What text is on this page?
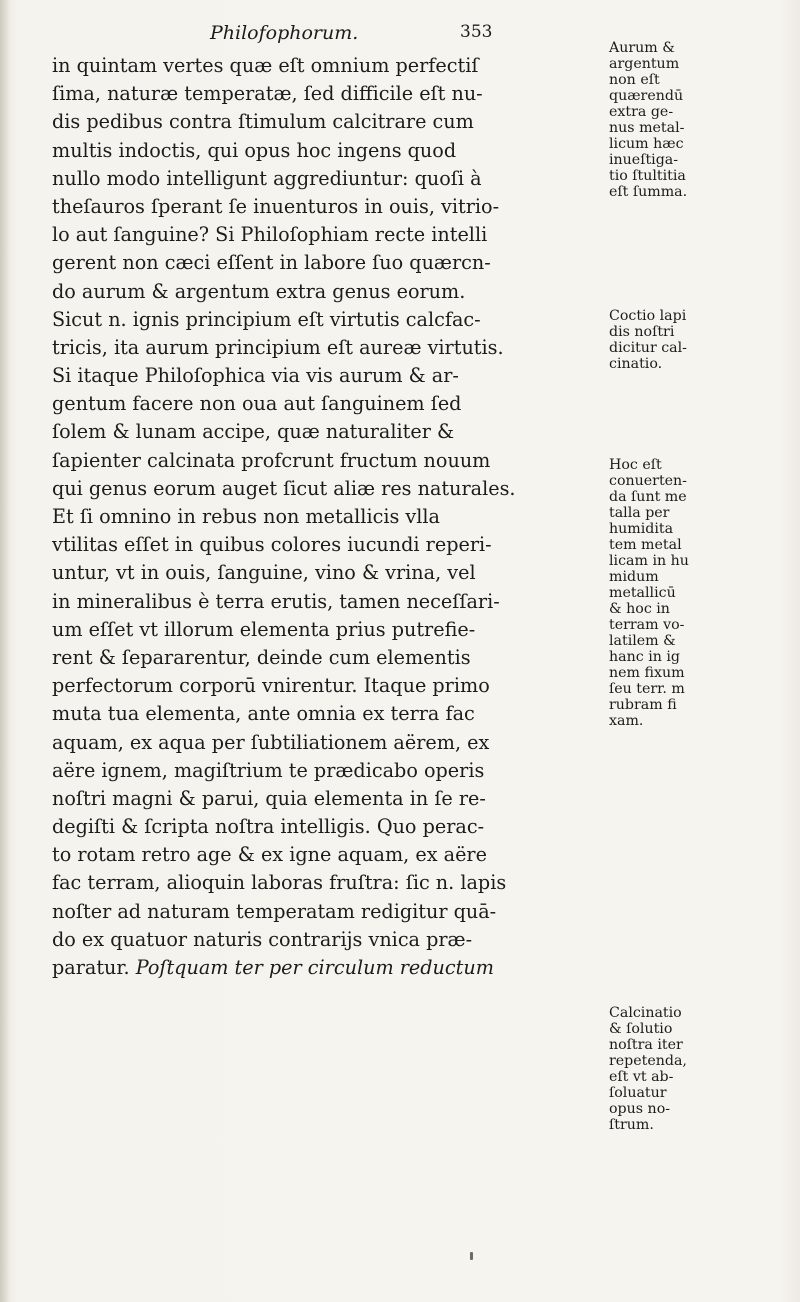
Philofophorum.	353
in quintam vertes quæ eſt omnium perfectiſ
ſima, naturæ temperatæ, ſed difficile eſt nu-
dis pedibus contra ſtimulum calcitrare cum
multis indoctis, qui opus hoc ingens quod
nullo modo intelligunt aggrediuntur: quoſi à
theſauros ſperant ſe inuenturos in ouis, vitrio-
lo aut ſanguine? Si Philoſophiam recte intelli
gerent non cæci eſſent in labore ſuo quærcn-
do aurum & argentum extra genus eorum.
Sicut n. ignis principium eſt virtutis calcfac-
tricis, ita aurum principium eſt aureæ virtutis.
Si itaque Philoſophica via vis aurum & ar-
gentum facere non oua aut ſanguinem ſed
ſolem & lunam accipe, quæ naturaliter &
ſapienter calcinata profcrunt fructum nouum
qui genus eorum auget ſicut aliæ res naturales.
Et ſi omnino in rebus non metallicis vlla
vtilitas eſſet in quibus colores iucundi reperi-
untur, vt in ouis, ſanguine, vino & vrina, vel
in mineralibus è terra erutis, tamen neceſſari-
um eſſet vt illorum elementa prius putrefie-
rent & ſepararentur, deinde cum elementis
perfectorum corporū vnirentur. Itaque primo
muta tua elementa, ante omnia ex terra fac
aquam, ex aqua per ſubtiliationem aërem, ex
aëre ignem, magiſtrium te prædicabo operis
noſtri magni & parui, quia elementa in ſe re-
degiſti & ſcripta noſtra intelligis. Quo perac-
to rotam retro age & ex igne aquam, ex aëre
fac terram, alioquin laboras fruſtra: ſic n. lapis
noſter ad naturam temperatam redigitur quā-
do ex quatuor naturis contrarijs vnica præ-
paratur. Poſtquam ter per circulum reductum
Aurum &
argentum
non eſt
quærendū
extra ge-
nus metal-
licum hæc
inueſtiga-
tio ſtultitia
eſt ſumma.
Coctio lapi
dis noſtri
dicitur cal-
cinatio.
Hoc eſt
conuerten-
da ſunt me
talla per
humidita
tem metal
licam in hu
midum
metallicū
& hoc in
terram vo-
latilem &
hanc in ig
nem fixum
ſeu terr. m
rubram fi
xam.
Calcinatio
& ſolutio
noſtra iter
repetenda,
eſt vt ab-
ſoluatur
opus no-
ſtrum.
